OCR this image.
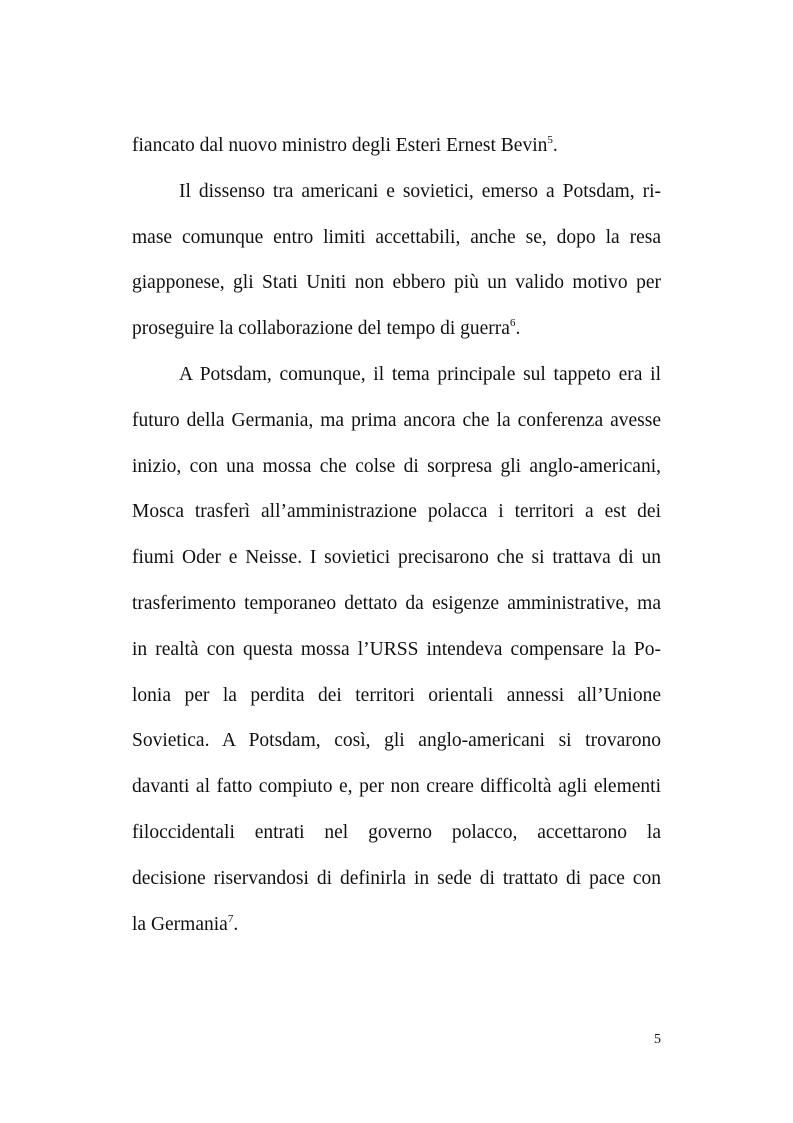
fiancato dal nuovo ministro degli Esteri Ernest Bevin$^5$.
Il dissenso tra americani e sovietici, emerso a Potsdam, ri-
mase comunque entro limiti accettabili, anche se, dopo la resa
giapponese, gli Stati Uniti non ebbero più un valido motivo per
proseguire la collaborazione del tempo di guerra$^6$.
A Potsdam, comunque, il tema principale sul tappeto era il
futuro della Germania, ma prima ancora che la conferenza avesse
inizio, con una mossa che colse di sorpresa gli anglo-americani,
Mosca trasferì all’amministrazione polacca i territori a est dei
fiumi Oder e Neisse. I sovietici precisarono che si trattava di un
trasferimento temporaneo dettato da esigenze amministrative, ma
in realtà con questa mossa l’URSS intendeva compensare la Po-
lonia per la perdita dei territori orientali annessi all’Unione
Sovietica. A Potsdam, così, gli anglo-americani si trovarono
davanti al fatto compiuto e, per non creare difficoltà agli elementi
filoccidentali entrati nel governo polacco, accettarono la
decisione riservandosi di definirla in sede di trattato di pace con
la Germania$^7$.
5
